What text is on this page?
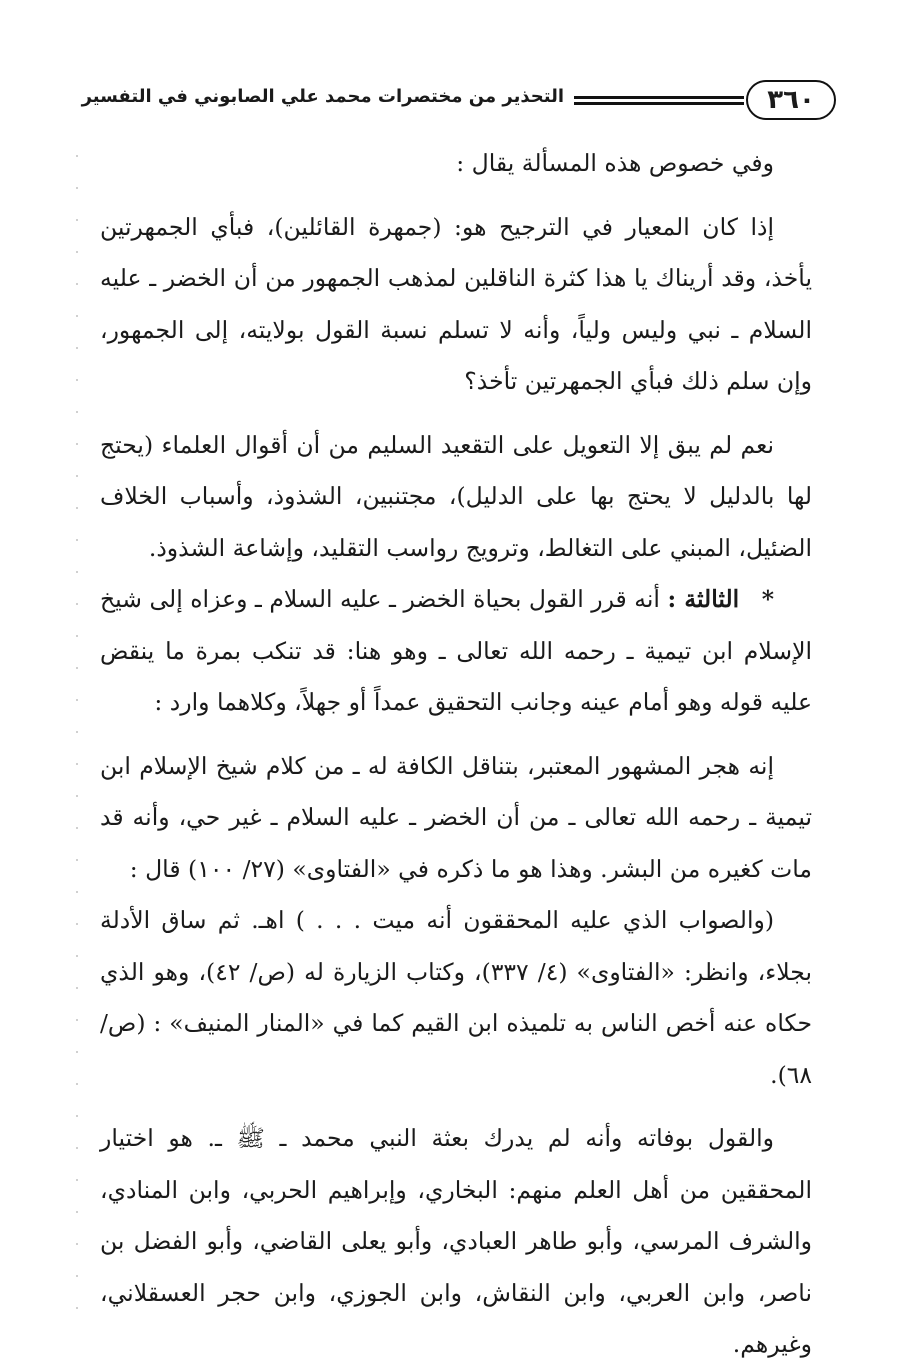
٣٦٠
التحذير من مختصرات محمد علي الصابوني في التفسير

وفي خصوص هذه المسألة يقال :

إذا كان المعيار في الترجيح هو: (جمهرة القائلين)، فبأي الجمهرتين يأخذ، وقد أريناك يا هذا كثرة الناقلين لمذهب الجمهور من أن الخضر ـ عليه السلام ـ نبي وليس ولياً، وأنه لا تسلم نسبة القول بولايته، إلى الجمهور، وإن سلم ذلك فبأي الجمهرتين تأخذ؟

نعم لم يبق إلا التعويل على التقعيد السليم من أن أقوال العلماء (يحتج لها بالدليل لا يحتج بها على الدليل)، مجتنبين، الشذوذ، وأسباب الخلاف الضئيل، المبني على التغالط، وترويج رواسب التقليد، وإشاعة الشذوذ.

*   الثالثة : أنه قرر القول بحياة الخضر ـ عليه السلام ـ وعزاه إلى شيخ الإسلام ابن تيمية ـ رحمه الله تعالى ـ وهو هنا: قد تنكب بمرة ما ينقض عليه قوله وهو أمام عينه وجانب التحقيق عمداً أو جهلاً، وكلاهما وارد :

إنه هجر المشهور المعتبر، بتناقل الكافة له ـ من كلام شيخ الإسلام ابن تيمية ـ رحمه الله تعالى ـ من أن الخضر ـ عليه السلام ـ غير حي، وأنه قد مات كغيره من البشر. وهذا هو ما ذكره في «الفتاوى» (٢٧/ ١٠٠) قال :

(والصواب الذي عليه المحققون أنه ميت . . . ) اهـ. ثم ساق الأدلة بجلاء، وانظر: «الفتاوى» (٤/ ٣٣٧)، وكتاب الزيارة له (ص/ ٤٢)، وهو الذي حكاه عنه أخص الناس به تلميذه ابن القيم كما في «المنار المنيف» : (ص/ ٦٨).

والقول بوفاته وأنه لم يدرك بعثة النبي محمد ـ ﷺ ـ. هو اختيار المحققين من أهل العلم منهم: البخاري، وإبراهيم الحربي، وابن المنادي، والشرف المرسي، وأبو طاهر العبادي، وأبو يعلى القاضي، وأبو الفضل بن ناصر، وابن العربي، وابن النقاش، وابن الجوزي، وابن حجر العسقلاني، وغيرهم.
